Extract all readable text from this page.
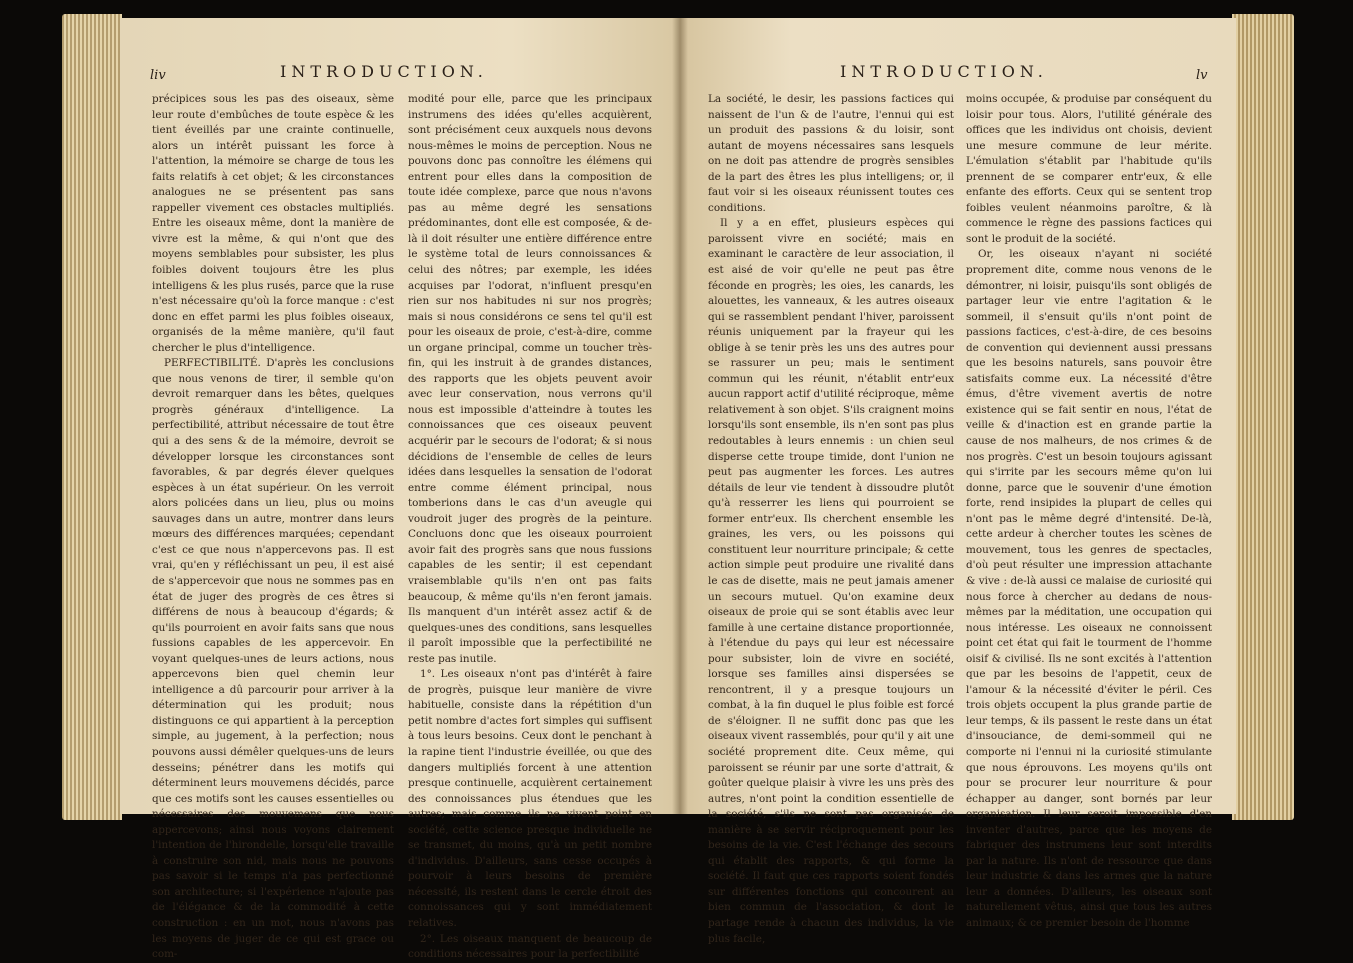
liv	INTRODUCTION.

précipices sous les pas des oiseaux, sème leur route d'embûches de toute espèce & les tient éveillés par une crainte continuelle, alors un intérêt puissant les force à l'attention, la mémoire se charge de tous les faits relatifs à cet objet; & les circonstances analogues ne se présentent pas sans rappeller vivement ces obstacles multipliés. Entre les oiseaux même, dont la manière de vivre est la même, & qui n'ont que des moyens semblables pour subsister, les plus foibles doivent toujours être les plus intelligens & les plus rusés, parce que la ruse n'est nécessaire qu'où la force manque : c'est donc en effet parmi les plus foibles oiseaux, organisés de la même manière, qu'il faut chercher le plus d'intelligence.

PERFECTIBILITÉ. D'après les conclusions que nous venons de tirer, il semble qu'on devroit remarquer dans les bêtes, quelques progrès généraux d'intelligence. La perfectibilité, attribut nécessaire de tout être qui a des sens & de la mémoire, devroit se développer lorsque les circonstances sont favorables, & par degrés élever quelques espèces à un état supérieur. On les verroit alors policées dans un lieu, plus ou moins sauvages dans un autre, montrer dans leurs mœurs des différences marquées; cependant c'est ce que nous n'appercevons pas. Il est vrai, qu'en y réfléchissant un peu, il est aisé de s'appercevoir que nous ne sommes pas en état de juger des progrès de ces êtres si différens de nous à beaucoup d'égards; & qu'ils pourroient en avoir faits sans que nous fussions capables de les appercevoir. En voyant quelques-unes de leurs actions, nous appercevons bien quel chemin leur intelligence a dû parcourir pour arriver à la détermination qui les produit; nous distinguons ce qui appartient à la perception simple, au jugement, à la perfection; nous pouvons aussi démêler quelques-uns de leurs desseins; pénétrer dans les motifs qui déterminent leurs mouvemens décidés, parce que ces motifs sont les causes essentielles ou nécessaires des mouvemens que nous appercevons; ainsi nous voyons clairement l'intention de l'hirondelle, lorsqu'elle travaille à construire son nid, mais nous ne pouvons pas savoir si le temps n'a pas perfectionné son architecture; si l'expérience n'ajoute pas de l'élégance & de la commodité à cette construction : en un mot, nous n'avons pas les moyens de juger de ce qui est grace ou com-

modité pour elle, parce que les principaux instrumens des idées qu'elles acquièrent, sont précisément ceux auxquels nous devons nous-mêmes le moins de perception. Nous ne pouvons donc pas connoître les élémens qui entrent pour elles dans la composition de toute idée complexe, parce que nous n'avons pas au même degré les sensations prédominantes, dont elle est composée, & de-là il doit résulter une entière différence entre le système total de leurs connoissances & celui des nôtres; par exemple, les idées acquises par l'odorat, n'influent presqu'en rien sur nos habitudes ni sur nos progrès; mais si nous considérons ce sens tel qu'il est pour les oiseaux de proie, c'est-à-dire, comme un organe principal, comme un toucher très-fin, qui les instruit à de grandes distances, des rapports que les objets peuvent avoir avec leur conservation, nous verrons qu'il nous est impossible d'atteindre à toutes les connoissances que ces oiseaux peuvent acquérir par le secours de l'odorat; & si nous décidions de l'ensemble de celles de leurs idées dans lesquelles la sensation de l'odorat entre comme élément principal, nous tomberions dans le cas d'un aveugle qui voudroit juger des progrès de la peinture. Concluons donc que les oiseaux pourroient avoir fait des progrès sans que nous fussions capables de les sentir; il est cependant vraisemblable qu'ils n'en ont pas faits beaucoup, & même qu'ils n'en feront jamais. Ils manquent d'un intérêt assez actif & de quelques-unes des conditions, sans lesquelles il paroît impossible que la perfectibilité ne reste pas inutile.

1°. Les oiseaux n'ont pas d'intérêt à faire de progrès, puisque leur manière de vivre habituelle, consiste dans la répétition d'un petit nombre d'actes fort simples qui suffisent à tous leurs besoins. Ceux dont le penchant à la rapine tient l'industrie éveillée, ou que des dangers multipliés forcent à une attention presque continuelle, acquièrent certainement des connoissances plus étendues que les autres; mais comme ils ne vivent point en société, cette science presque individuelle ne se transmet, du moins, qu'à un petit nombre d'individus. D'ailleurs, sans cesse occupés à pourvoir à leurs besoins de première nécessité, ils restent dans le cercle étroit des connoissances qui y sont immédiatement relatives.

2°. Les oiseaux manquent de beaucoup de conditions nécessaires pour la perfectibilité

INTRODUCTION.	lv

La société, le desir, les passions factices qui naissent de l'un & de l'autre, l'ennui qui est un produit des passions & du loisir, sont autant de moyens nécessaires sans lesquels on ne doit pas attendre de progrès sensibles de la part des êtres les plus intelligens; or, il faut voir si les oiseaux réunissent toutes ces conditions.

Il y a en effet, plusieurs espèces qui paroissent vivre en société; mais en examinant le caractère de leur association, il est aisé de voir qu'elle ne peut pas être féconde en progrès; les oies, les canards, les alouettes, les vanneaux, & les autres oiseaux qui se rassemblent pendant l'hiver, paroissent réunis uniquement par la frayeur qui les oblige à se tenir près les uns des autres pour se rassurer un peu; mais le sentiment commun qui les réunit, n'établit entr'eux aucun rapport actif d'utilité réciproque, même relativement à son objet. S'ils craignent moins lorsqu'ils sont ensemble, ils n'en sont pas plus redoutables à leurs ennemis : un chien seul disperse cette troupe timide, dont l'union ne peut pas augmenter les forces. Les autres détails de leur vie tendent à dissoudre plutôt qu'à resserrer les liens qui pourroient se former entr'eux. Ils cherchent ensemble les graines, les vers, ou les poissons qui constituent leur nourriture principale; & cette action simple peut produire une rivalité dans le cas de disette, mais ne peut jamais amener un secours mutuel. Qu'on examine deux oiseaux de proie qui se sont établis avec leur famille à une certaine distance proportionnée, à l'étendue du pays qui leur est nécessaire pour subsister, loin de vivre en société, lorsque ses familles ainsi dispersées se rencontrent, il y a presque toujours un combat, à la fin duquel le plus foible est forcé de s'éloigner. Il ne suffit donc pas que les oiseaux vivent rassemblés, pour qu'il y ait une société proprement dite. Ceux même, qui paroissent se réunir par une sorte d'attrait, & goûter quelque plaisir à vivre les uns près des autres, n'ont point la condition essentielle de la société, s'ils ne sont pas organisés de manière à se servir réciproquement pour les besoins de la vie. C'est l'échange des secours qui établit des rapports, & qui forme la société. Il faut que ces rapports soient fondés sur différentes fonctions qui concourent au bien commun de l'association, & dont le partage rende à chacun des individus, la vie plus facile,

moins occupée, & produise par conséquent du loisir pour tous. Alors, l'utilité générale des offices que les individus ont choisis, devient une mesure commune de leur mérite. L'émulation s'établit par l'habitude qu'ils prennent de se comparer entr'eux, & elle enfante des efforts. Ceux qui se sentent trop foibles veulent néanmoins paroître, & là commence le règne des passions factices qui sont le produit de la société.

Or, les oiseaux n'ayant ni société proprement dite, comme nous venons de le démontrer, ni loisir, puisqu'ils sont obligés de partager leur vie entre l'agitation & le sommeil, il s'ensuit qu'ils n'ont point de passions factices, c'est-à-dire, de ces besoins de convention qui deviennent aussi pressans que les besoins naturels, sans pouvoir être satisfaits comme eux. La nécessité d'être émus, d'être vivement avertis de notre existence qui se fait sentir en nous, l'état de veille & d'inaction est en grande partie la cause de nos malheurs, de nos crimes & de nos progrès. C'est un besoin toujours agissant qui s'irrite par les secours même qu'on lui donne, parce que le souvenir d'une émotion forte, rend insipides la plupart de celles qui n'ont pas le même degré d'intensité. De-là, cette ardeur à chercher toutes les scènes de mouvement, tous les genres de spectacles, d'où peut résulter une impression attachante & vive : de-là aussi ce malaise de curiosité qui nous force à chercher au dedans de nous-mêmes par la méditation, une occupation qui nous intéresse. Les oiseaux ne connoissent point cet état qui fait le tourment de l'homme oisif & civilisé. Ils ne sont excités à l'attention que par les besoins de l'appetit, ceux de l'amour & la nécessité d'éviter le péril. Ces trois objets occupent la plus grande partie de leur temps, & ils passent le reste dans un état d'insouciance, de demi-sommeil qui ne comporte ni l'ennui ni la curiosité stimulante que nous éprouvons. Les moyens qu'ils ont pour se procurer leur nourriture & pour échapper au danger, sont bornés par leur organisation. Il leur seroit impossible d'en inventer d'autres, parce que les moyens de fabriquer des instrumens leur sont interdits par la nature. Ils n'ont de ressource que dans leur industrie & dans les armes que la nature leur a données. D'ailleurs, les oiseaux sont naturellement vêtus, ainsi que tous les autres animaux; & ce premier besoin de l'homme
